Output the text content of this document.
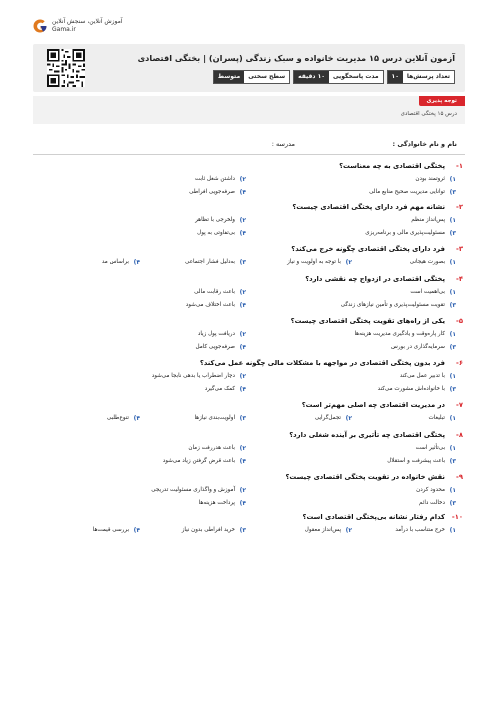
آموزش آنلاین، سنجش آنلاین
Gama.ir
آزمون آنلاین درس ۱۵ مدیریت خانواده و سبک زندگی (پسران) | بختگی اقتصادی
تعداد پرسش‌ها
۱۰
مدت پاسخگویی
۱۰ دقیقه
سطح سختی
متوسط
توجه پذیری
درس ۱۵ پختگی اقتصادی
نام و نام خانوادگی :
مدرسه :
۱-
پختگی اقتصادی به چه معناست؟
۱)
ثروتمند بودن
۲)
داشتن شغل ثابت
۳)
توانایی مدیریت صحیح منابع مالی
۴)
صرفه‌جویی افراطی
۲-
نشانه مهم فرد دارای پختگی اقتصادی چیست؟
۱)
پس‌انداز منظم
۲)
ولخرجی با تظاهر
۳)
مسئولیت‌پذیری مالی و برنامه‌ریزی
۴)
بی‌تفاوتی به پول
۳-
فرد دارای پختگی اقتصادی چگونه خرج می‌کند؟
۱)
بصورت هیجانی
۲)
با توجه به اولویت و نیاز
۳)
به‌دلیل فشار اجتماعی
۴)
براساس مد
۴-
پختگی اقتصادی در ازدواج چه نقشی دارد؟
۱)
بی‌اهمیت است
۲)
باعث رقابت مالی
۳)
تقویت مسئولیت‌پذیری و تأمین نیازهای زندگی
۴)
باعث اختلاف می‌شود
۵-
یکی از راه‌های تقویت پختگی اقتصادی چیست؟
۱)
کار پاره‌وقت و یادگیری مدیریت هزینه‌ها
۲)
دریافت پول زیاد
۳)
سرمایه‌گذاری در بورس
۴)
صرفه‌جویی کامل
۶-
فرد بدون پختگی اقتصادی در مواجهه با مشکلات مالی چگونه عمل می‌کند؟
۱)
با تدبیر عمل می‌کند
۲)
دچار اضطراب یا بدهی نابجا می‌شود
۳)
با خانواده‌اش مشورت می‌کند
۴)
کمک می‌گیرد
۷-
در مدیریت اقتصادی چه اصلی مهم‌تر است؟
۱)
تبلیغات
۲)
تجمل‌گرایی
۳)
اولویت‌بندی نیازها
۴)
تنوع‌طلبی
۸-
پختگی اقتصادی چه تأثیری بر آینده شغلی دارد؟
۱)
بی‌تأثیر است
۲)
باعث هدررفت زمان
۳)
باعث پیشرفت و استقلال
۴)
باعث قرض گرفتن زیاد می‌شود
۹-
نقش خانواده در تقویت پختگی اقتصادی چیست؟
۱)
محدود کردن
۲)
آموزش و واگذاری مسئولیت تدریجی
۳)
دخالت دائم
۴)
پرداخت هزینه‌ها
۱۰-
کدام رفتار نشانه بی‌پختگی اقتصادی است؟
۱)
خرج متناسب با درآمد
۲)
پس‌انداز معقول
۳)
خرید افراطی بدون نیاز
۴)
بررسی قیمت‌ها
